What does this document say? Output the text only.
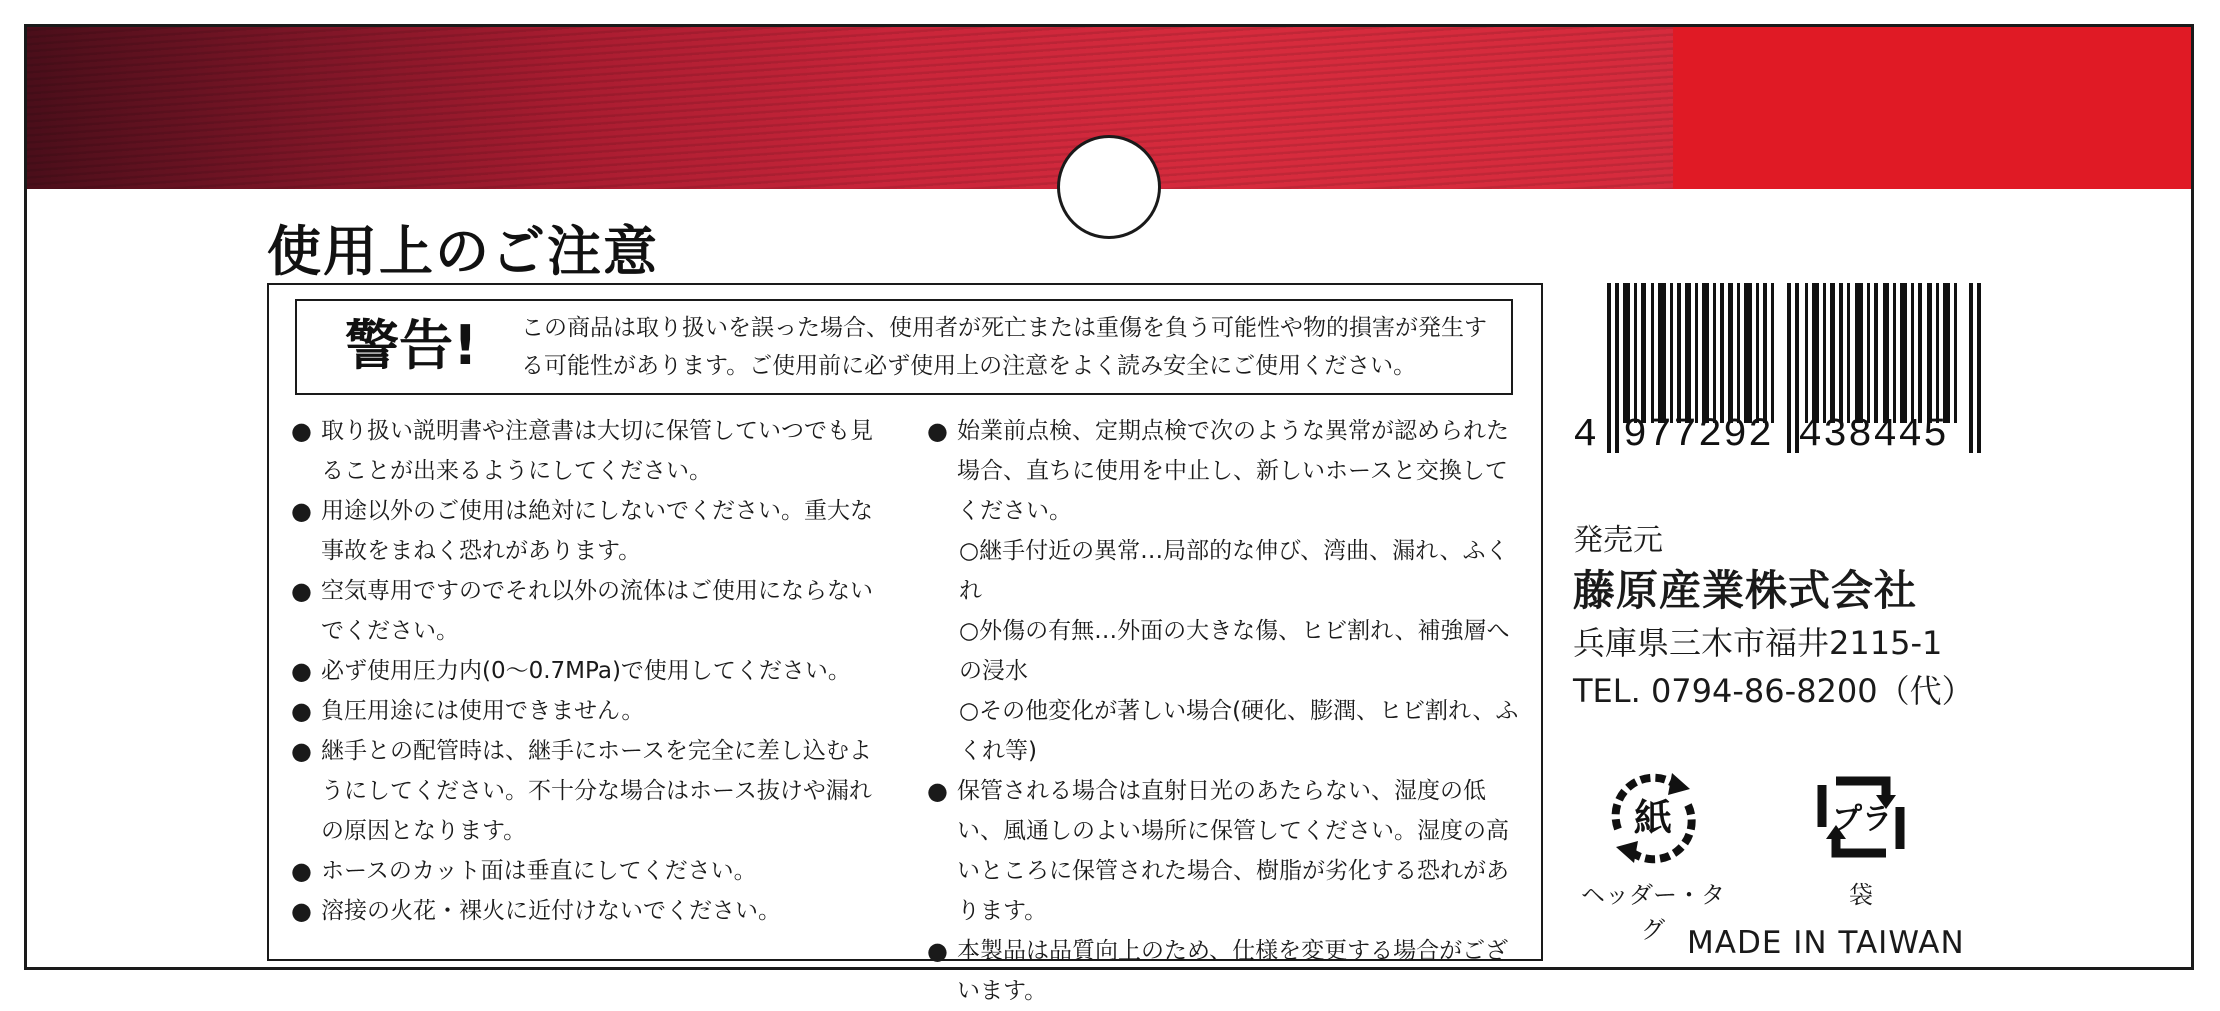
使用上のご注意
警告! この商品は取り扱いを誤った場合、使用者が死亡または重傷を負う可能性や物的損害が発生する可能性があります。ご使用前に必ず使用上の注意をよく読み安全にご使用ください。
● 取り扱い説明書や注意書は大切に保管していつでも見ることが出来るようにしてください。
● 用途以外のご使用は絶対にしないでください。重大な事故をまねく恐れがあります。
● 空気専用ですのでそれ以外の流体はご使用にならないでください。
● 必ず使用圧力内(0〜0.7MPa)で使用してください。
● 負圧用途には使用できません。
● 継手との配管時は、継手にホースを完全に差し込むようにしてください。不十分な場合はホース抜けや漏れの原因となります。
● ホースのカット面は垂直にしてください。
● 溶接の火花・裸火に近付けないでください。
● 始業前点検、定期点検で次のような異常が認められた場合、直ちに使用を中止し、新しいホースと交換してください。
○継手付近の異常…局部的な伸び、湾曲、漏れ、ふくれ
○外傷の有無…外面の大きな傷、ヒビ割れ、補強層への浸水
○その他変化が著しい場合(硬化、膨潤、ヒビ割れ、ふくれ等)
● 保管される場合は直射日光のあたらない、湿度の低い、風通しのよい場所に保管してください。湿度の高いところに保管された場合、樹脂が劣化する恐れがあります。
● 本製品は品質向上のため、仕様を変更する場合がございます。
4 977292 438445
発売元
藤原産業株式会社
兵庫県三木市福井2115-1
TEL. 0794-86-8200（代）
紙
ヘッダー・タグ
プラ
袋
MADE IN TAIWAN
